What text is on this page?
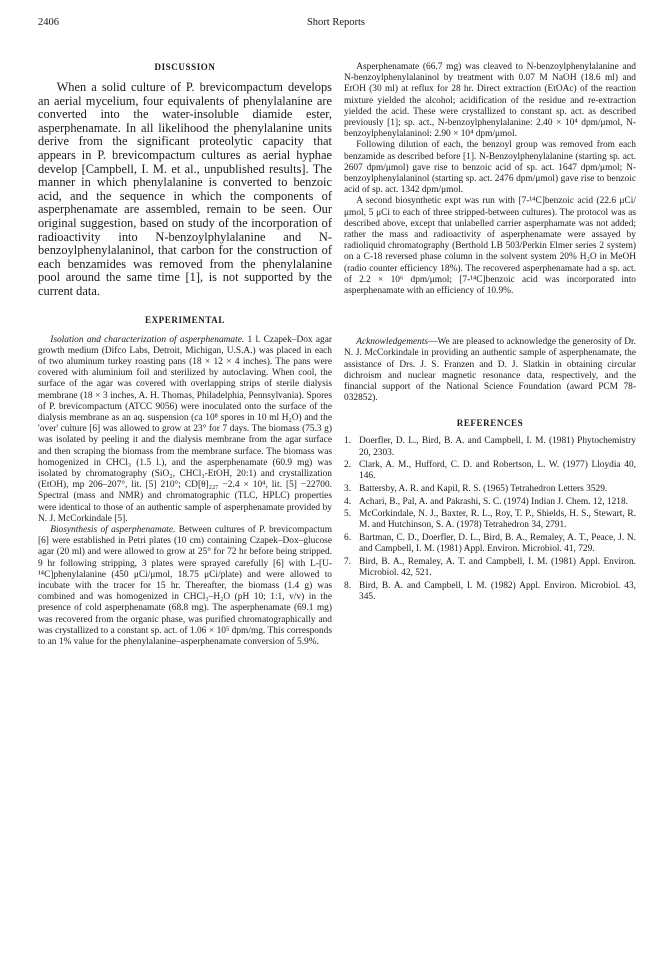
2406	Short Reports
DISCUSSION

When a solid culture of P. brevicompactum develops an aerial mycelium, four equivalents of phenylalanine are converted into the water-insoluble diamide ester, asperphenamate. In all likelihood the phenylalanine units derive from the significant proteolytic capacity that appears in P. brevicompactum cultures as aerial hyphae develop [Campbell, I. M. et al., unpublished results]. The manner in which phenylalanine is converted to benzoic acid, and the sequence in which the components of asperphenamate are assembled, remain to be seen. Our original suggestion, based on study of the incorporation of radioactivity into N-benzoylphylalanine and N-benzoylphenylalaninol, that carbon for the construction of each benzamides was removed from the phenylalanine pool around the same time [1], is not supported by the current data.

EXPERIMENTAL

Isolation and characterization of asperphenamate. 1 l. Czapek–Dox agar growth medium (Difco Labs, Detroit, Michigan, U.S.A.) was placed in each of two aluminum turkey roasting pans (18 × 12 × 4 inches). The pans were covered with aluminium foil and sterilized by autoclaving. When cool, the surface of the agar was covered with overlapping strips of sterile dialysis membrane (18 × 3 inches, A. H. Thomas, Philadelphia, Pennsylvania). Spores of P. brevicompactum (ATCC 9056) were inoculated onto the surface of the dialysis membrane as an aq. suspension (ca 10⁸ spores in 10 ml H₂O) and the 'over' culture [6] was allowed to grow at 23° for 7 days. The biomass (75.3 g) was isolated by peeling it and the dialysis membrane from the agar surface and then scraping the biomass from the membrane surface. The biomass was homogenized in CHCl₃ (1.5 l.), and the asperphenamate (60.9 mg) was isolated by chromatography (SiO₂, CHCl₃-EtOH, 20:1) and crystallization (EtOH), mp 206–207°, lit. [5] 210°; CD[θ]₂₂₇ −2.4 × 10⁴, lit. [5] −22700. Spectral (mass and NMR) and chromatographic (TLC, HPLC) properties were identical to those of an authentic sample of asperphenamate provided by N. J. McCorkindale [5].

Biosynthesis of asperphenamate. Between cultures of P. brevicompactum [6] were established in Petri plates (10 cm) containing Czapek–Dox–glucose agar (20 ml) and were allowed to grow at 25° for 72 hr before being stripped. 9 hr following stripping, 3 plates were sprayed carefully [6] with L-[U-¹⁴C]phenylalanine (450 μCi/μmol, 18.75 μCi/plate) and were allowed to incubate with the tracer for 15 hr. Thereafter, the biomass (1.4 g) was combined and was homogenized in CHCl₃–H₂O (pH 10; 1:1, v/v) in the presence of cold asperphenamate (68.8 mg). The asperphenamate (69.1 mg) was recovered from the organic phase, was purified chromatographically and was crystallized to a constant sp. act. of 1.06 × 10⁵ dpm/mg. This corresponds to an 1% value for the phenylalanine–asperphenamate conversion of 5.9%.

Asperphenamate (66.7 mg) was cleaved to N-benzoylphenylalanine and N-benzoylphenylalaninol by treatment with 0.07 M NaOH (18.6 ml) and EtOH (30 ml) at reflux for 28 hr. Direct extraction (EtOAc) of the reaction mixture yielded the alcohol; acidification of the residue and re-extraction yielded the acid. These were crystallized to constant sp. act. as described previously [1]; sp. act., N-benzoylphenylalanine: 2.40 × 10⁴ dpm/μmol, N-benzoylphenylalaninol: 2.90 × 10⁴ dpm/μmol.

Following dilution of each, the benzoyl group was removed from each benzamide as described before [1]. N-Benzoylphenylalanine (starting sp. act. 2607 dpm/μmol) gave rise to benzoic acid of sp. act. 1647 dpm/μmol; N-benzoylphenylalaninol (starting sp. act. 2476 dpm/μmol) gave rise to benzoic acid of sp. act. 1342 dpm/μmol.

A second biosynthetic expt was run with [7-¹⁴C]benzoic acid (22.6 μCi/μmol, 5 μCi to each of three stripped-between cultures). The protocol was as described above, except that unlabelled carrier asperphamate was not added; rather the mass and radioactivity of asperphenamate were assayed by radioliquid chromatography (Berthold LB 503/Perkin Elmer series 2 system) on a C-18 reversed phase column in the solvent system 20% H₂O in MeOH (radio counter efficiency 18%). The recovered asperphenamate had a sp. act. of 2.2 × 10⁶ dpm/μmol; [7-¹⁴C]benzoic acid was incorporated into asperphenamate with an efficiency of 10.9%.

Acknowledgements—We are pleased to acknowledge the generosity of Dr. N. J. McCorkindale in providing an authentic sample of asperphenamate, the assistance of Drs. J. S. Franzen and D. J. Slatkin in obtaining circular dichroism and nuclear magnetic resonance data, respectively, and the financial support of the National Science Foundation (award PCM 78-032852).

REFERENCES
1. Doerfler, D. L., Bird, B. A. and Campbell, I. M. (1981) Phytochemistry 20, 2303.
2. Clark, A. M., Hufford, C. D. and Robertson, L. W. (1977) Lloydia 40, 146.
3. Battersby, A. R. and Kapil, R. S. (1965) Tetrahedron Letters 3529.
4. Achari, B., Pal, A. and Pakrashi, S. C. (1974) Indian J. Chem. 12, 1218.
5. McCorkindale, N. J., Baxter, R. L., Roy, T. P., Shields, H. S., Stewart, R. M. and Hutchinson, S. A. (1978) Tetrahedron 34, 2791.
6. Bartman, C. D., Doerfler, D. L., Bird, B. A., Remaley, A. T., Peace, J. N. and Campbell, I. M. (1981) Appl. Environ. Microbiol. 41, 729.
7. Bird, B. A., Remaley, A. T. and Campbell, I. M. (1981) Appl. Environ. Microbiol. 42, 521.
8. Bird, B. A. and Campbell, I. M. (1982) Appl. Environ. Microbiol. 43, 345.
